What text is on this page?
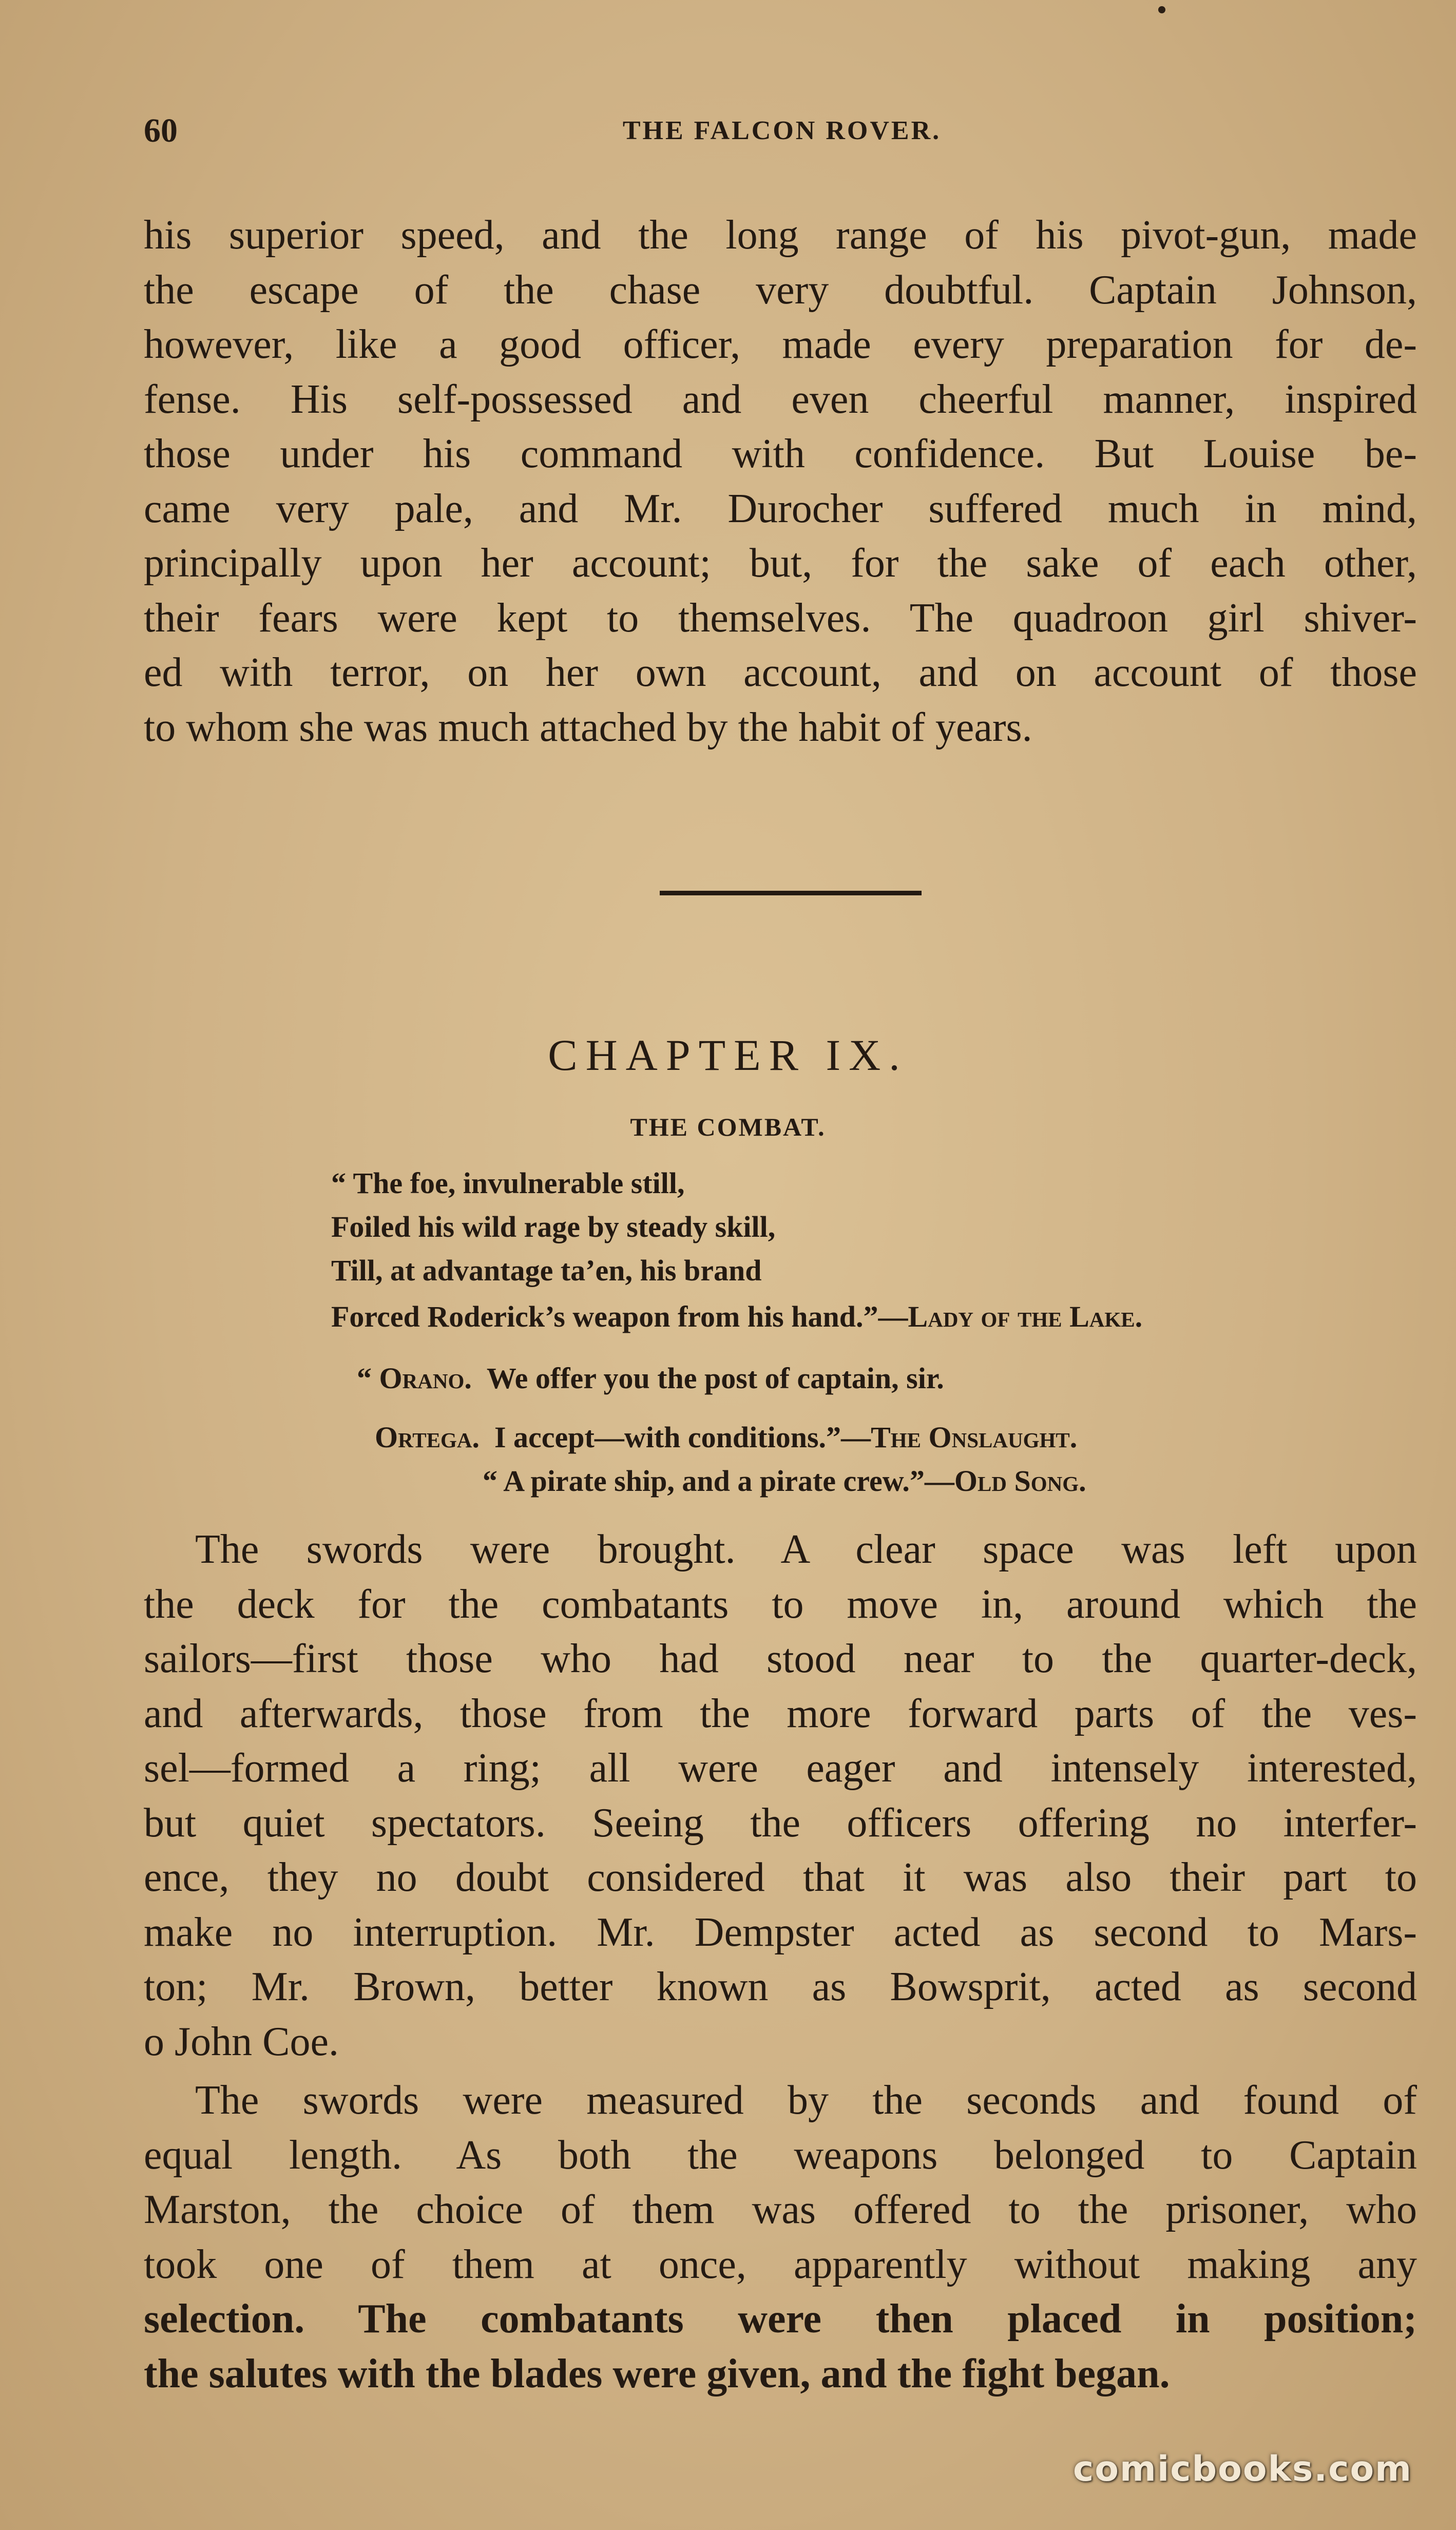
60	THE FALCON ROVER.
his superior speed, and the long range of his pivot-gun, made
the escape of the chase very doubtful. Captain Johnson,
however, like a good officer, made every preparation for de-
fense. His self-possessed and even cheerful manner, inspired
those under his command with confidence. But Louise be-
came very pale, and Mr. Durocher suffered much in mind,
principally upon her account; but, for the sake of each other,
their fears were kept to themselves. The quadroon girl shiver-
ed with terror, on her own account, and on account of those
to whom she was much attached by the habit of years.
CHAPTER IX.
THE COMBAT.
“ The foe, invulnerable still,
Foiled his wild rage by steady skill,
Till, at advantage ta’en, his brand
Forced Roderick’s weapon from his hand.”—Lady of the Lake.
“ Orano. We offer you the post of captain, sir.
Ortega. I accept—with conditions.”—The Onslaught.
“ A pirate ship, and a pirate crew.”—Old Song.
The swords were brought. A clear space was left upon
the deck for the combatants to move in, around which the
sailors—first those who had stood near to the quarter-deck,
and afterwards, those from the more forward parts of the ves-
sel—formed a ring; all were eager and intensely interested,
but quiet spectators. Seeing the officers offering no interfer-
ence, they no doubt considered that it was also their part to
make no interruption. Mr. Dempster acted as second to Mars-
ton; Mr. Brown, better known as Bowsprit, acted as second
o John Coe.
The swords were measured by the seconds and found of
equal length. As both the weapons belonged to Captain
Marston, the choice of them was offered to the prisoner, who
took one of them at once, apparently without making any
selection. The combatants were then placed in position;
the salutes with the blades were given, and the fight began.
comicbooks.com
